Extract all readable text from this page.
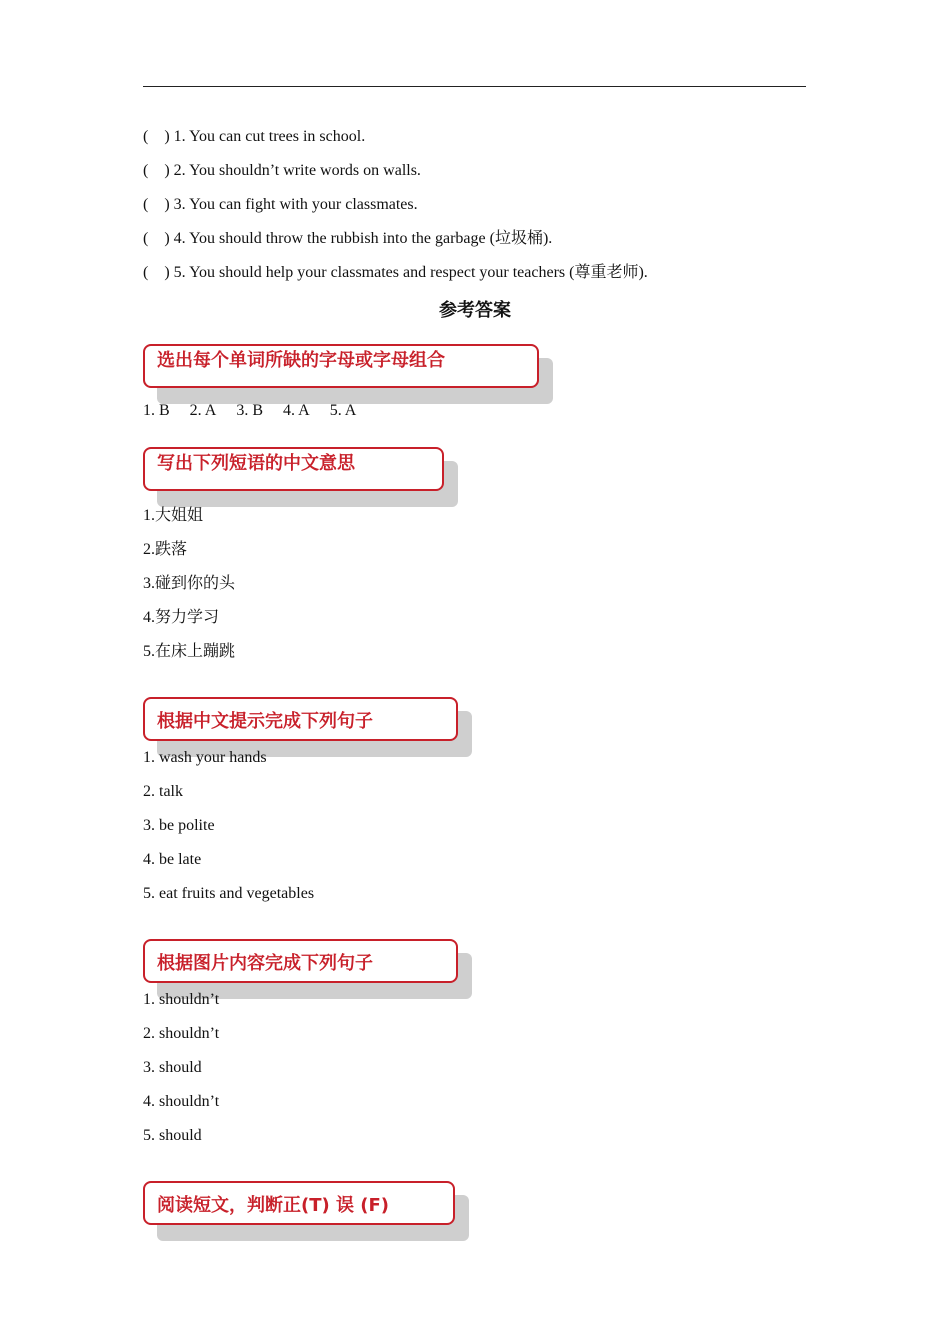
(    ) 1. You can cut trees in school.
(    ) 2. You shouldn’t write words on walls.
(    ) 3. You can fight with your classmates.
(    ) 4. You should throw the rubbish into the garbage (垃圾桶).
(    ) 5. You should help your classmates and respect your teachers (尊重老师).
参考答案
选出每个单词所缺的字母或字母组合
1. B 2. A 3. B 4. A 5. A
写出下列短语的中文意思
1.大姐姐
2.跌落
3.碰到你的头
4.努力学习
5.在床上蹦跳
根据中文提示完成下列句子
1. wash your hands
2. talk
3. be polite
4. be late
5. eat fruits and vegetables
根据图片内容完成下列句子
1. shouldn’t
2. shouldn’t
3. should
4. shouldn’t
5. should
阅读短文，判断正(T) 误 (F)
